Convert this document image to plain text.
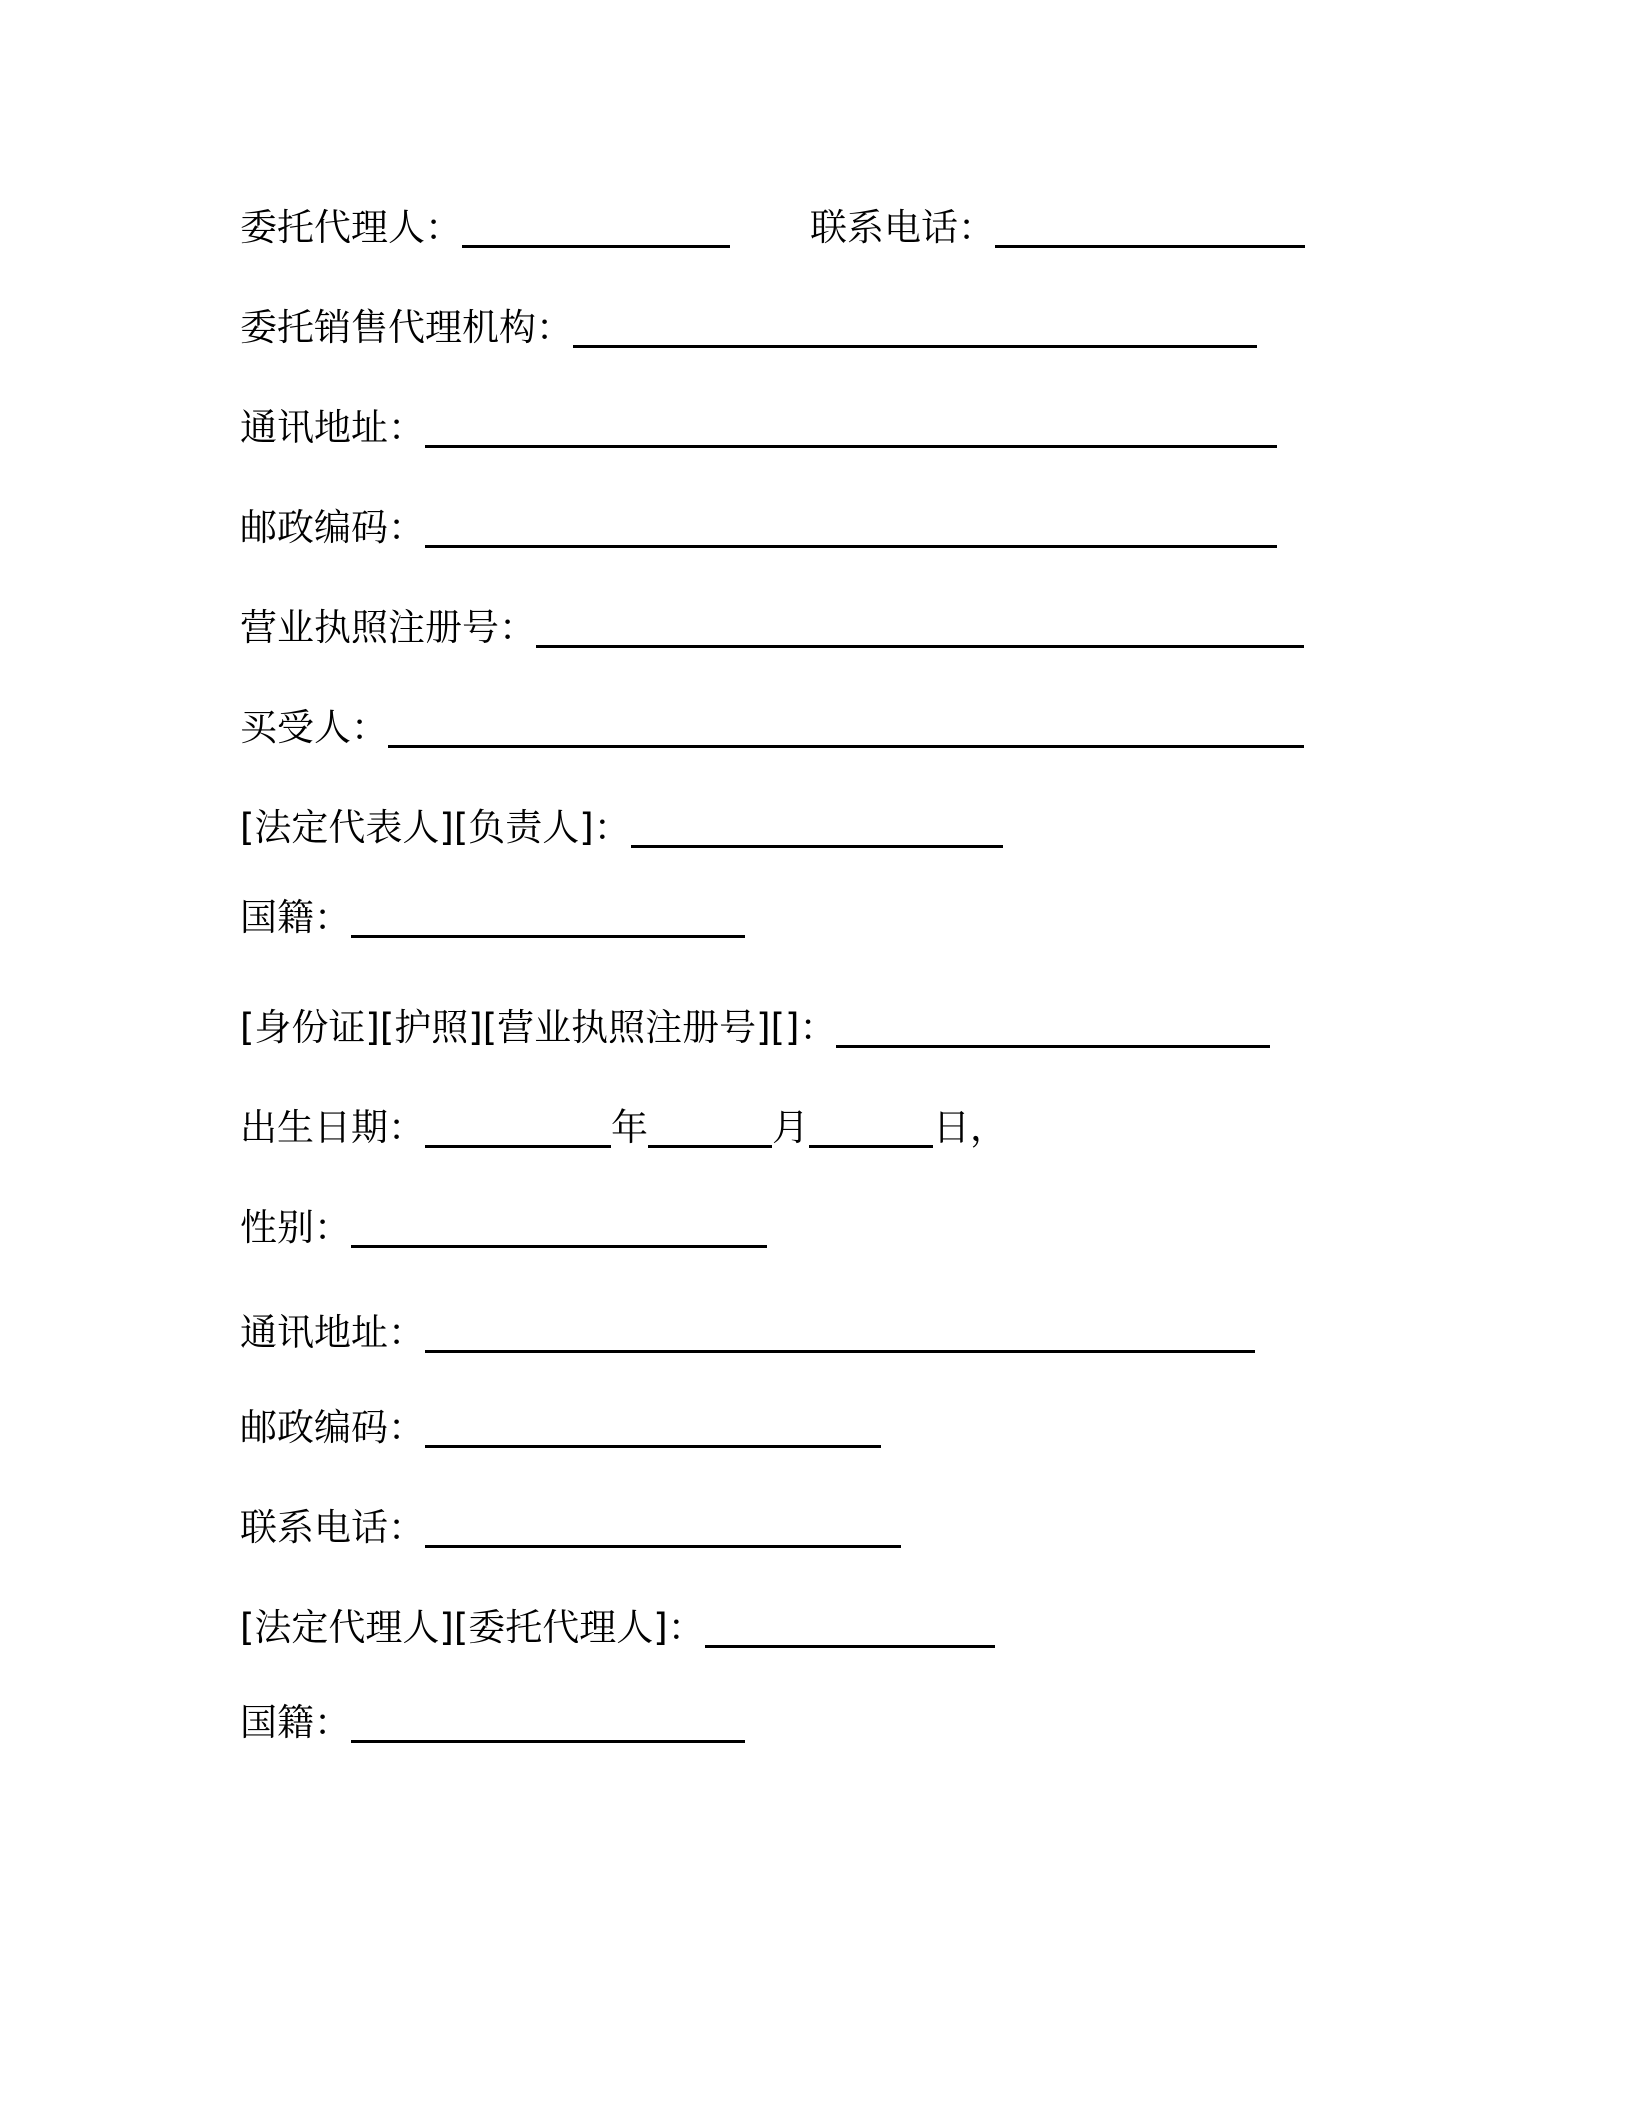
委托代理人：	联系电话：
委托销售代理机构：
通讯地址：
邮政编码：
营业执照注册号：
买受人：
[法定代表人][负责人]：
国籍：
[身份证][护照][营业执照注册号][]：
出生日期：	年	月	日，
性别：
通讯地址：
邮政编码：
联系电话：
[法定代理人][委托代理人]：
国籍：
